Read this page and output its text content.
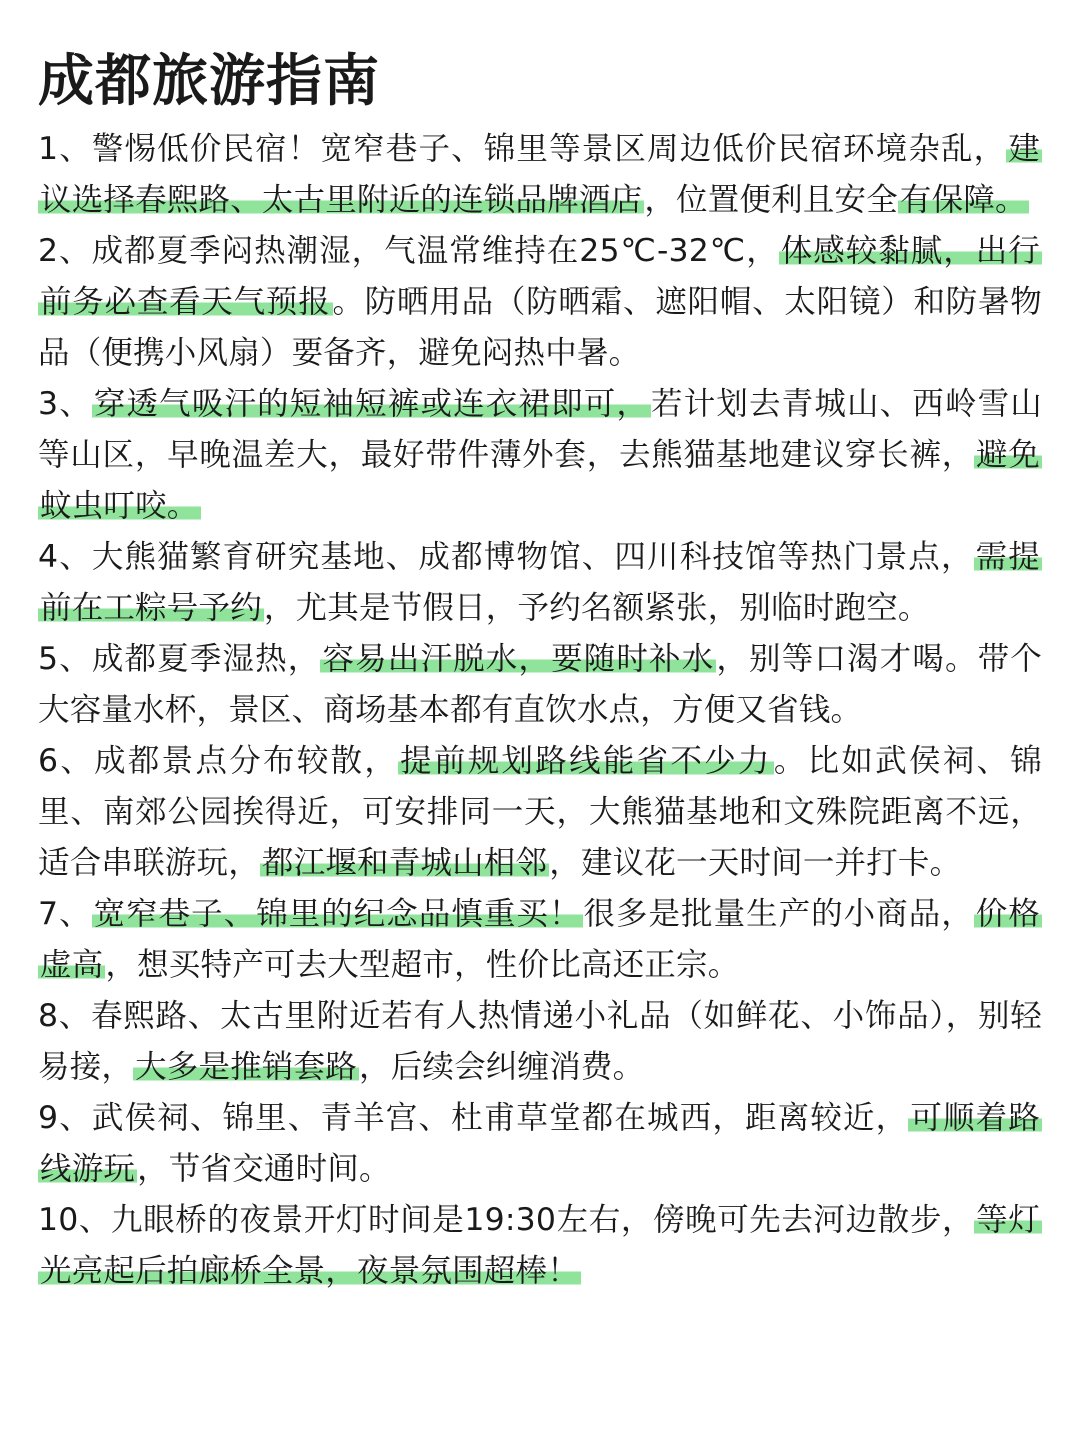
成都旅游指南
1、警惕低价民宿！宽窄巷子、锦里等景区周边低价民宿环境杂乱，建议选择春熙路、太古里附近的连锁品牌酒店，位置便利且安全有保障。
2、成都夏季闷热潮湿，气温常维持在25℃-32℃，体感较黏腻，出行前务必查看天气预报。防晒用品（防晒霜、遮阳帽、太阳镜）和防暑物品（便携小风扇）要备齐，避免闷热中暑。
3、穿透气吸汗的短袖短裤或连衣裙即可，若计划去青城山、西岭雪山等山区，早晚温差大，最好带件薄外套，去熊猫基地建议穿长裤，避免蚊虫叮咬。
4、大熊猫繁育研究基地、成都博物馆、四川科技馆等热门景点，需提前在工粽号予约，尤其是节假日，予约名额紧张，别临时跑空。
5、成都夏季湿热，容易出汗脱水，要随时补水，别等口渴才喝。带个大容量水杯，景区、商场基本都有直饮水点，方便又省钱。
6、成都景点分布较散，提前规划路线能省不少力。比如武侯祠、锦里、南郊公园挨得近，可安排同一天，大熊猫基地和文殊院距离不远，适合串联游玩，都江堰和青城山相邻，建议花一天时间一并打卡。
7、宽窄巷子、锦里的纪念品慎重买！很多是批量生产的小商品，价格虚高，想买特产可去大型超市，性价比高还正宗。
8、春熙路、太古里附近若有人热情递小礼品（如鲜花、小饰品），别轻易接，大多是推销套路，后续会纠缠消费。
9、武侯祠、锦里、青羊宫、杜甫草堂都在城西，距离较近，可顺着路线游玩，节省交通时间。
10、九眼桥的夜景开灯时间是19:30左右，傍晚可先去河边散步，等灯光亮起后拍廊桥全景，夜景氛围超棒！
